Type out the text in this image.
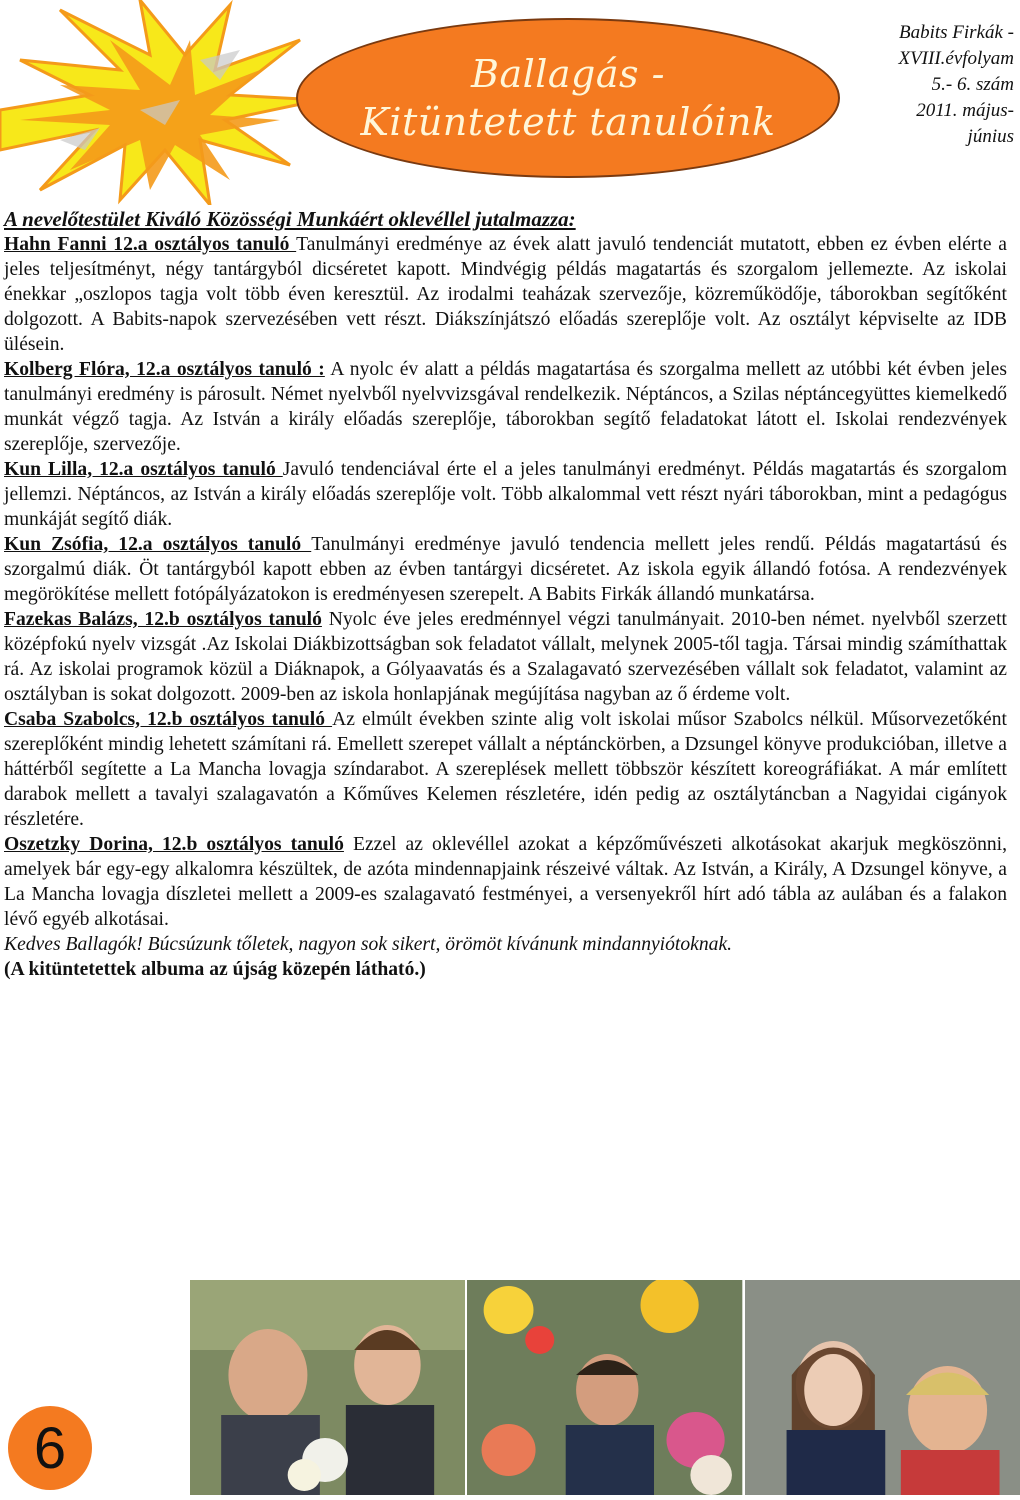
Ballagás -
Kitüntetett tanulóink
Babits Firkák -
XVIII.évfolyam
5.- 6. szám
2011. május-
június
A nevelőtestület Kiváló Közösségi Munkáért oklevéllel jutalmazza:
Hahn Fanni 12.a osztályos tanuló Tanulmányi eredménye az évek alatt javuló tendenciát mutatott, ebben ez évben elérte a jeles teljesítményt, négy tantárgyból dicséretet kapott. Mindvégig példás magatartás és szorgalom jellemezte. Az iskolai énekkar „oszlopos tagja volt több éven keresztül. Az irodalmi teaházak szervezője, közreműködője, táborokban segítőként dolgozott. A Babits-napok szervezésében vett részt. Diákszínjátszó előadás szereplője volt. Az osztályt képviselte az IDB ülésein.
Kolberg Flóra, 12.a osztályos tanuló : A nyolc év alatt a példás magatartása és szorgalma mellett az utóbbi két évben jeles tanulmányi eredmény is párosult. Német nyelvből nyelvvizsgával rendelkezik. Néptáncos, a Szilas néptáncegyüttes kiemelkedő munkát végző tagja. Az István a király előadás szereplője, táborokban segítő feladatokat látott el. Iskolai rendezvények szereplője, szervezője.
Kun Lilla, 12.a osztályos tanuló Javuló tendenciával érte el a jeles tanulmányi eredményt. Példás magatartás és szorgalom jellemzi. Néptáncos, az István a király előadás szereplője volt. Több alkalommal vett részt nyári táborokban, mint a pedagógus munkáját segítő diák.
Kun Zsófia, 12.a osztályos tanuló Tanulmányi eredménye javuló tendencia mellett jeles rendű. Példás magatartású és szorgalmú diák. Öt tantárgyból kapott ebben az évben tantárgyi dicséretet. Az iskola egyik állandó fotósa. A rendezvények megörökítése mellett fotópályázatokon is eredményesen szerepelt. A Babits Firkák állandó munkatársa.
Fazekas Balázs, 12.b osztályos tanuló Nyolc éve jeles eredménnyel végzi tanulmányait. 2010-ben német. nyelvből szerzett középfokú nyelv vizsgát .Az Iskolai Diákbizottságban sok feladatot vállalt, melynek 2005-től tagja. Társai mindig számíthattak rá. Az iskolai programok közül a Diáknapok, a Gólyaavatás és a Szalagavató szervezésében vállalt sok feladatot, valamint az osztályban is sokat dolgozott. 2009-ben az iskola honlapjának megújítása nagyban az ő érdeme volt.
Csaba Szabolcs, 12.b osztályos tanuló Az elmúlt években szinte alig volt iskolai műsor Szabolcs nélkül. Műsorvezetőként szereplőként mindig lehetett számítani rá. Emellett szerepet vállalt a néptánckörben, a Dzsungel könyve produkcióban, illetve a háttérből segítette a La Mancha lovagja színdarabot. A szereplések mellett többször készített koreográfiákat. A már említett darabok mellett a tavalyi szalagavatón a Kőműves Kelemen részletére, idén pedig az osztálytáncban a Nagyidai cigányok részletére.
Oszetzky Dorina, 12.b osztályos tanuló Ezzel az oklevéllel azokat a képzőművészeti alkotásokat akarjuk megköszönni, amelyek bár egy-egy alkalomra készültek, de azóta mindennapjaink részeivé váltak. Az István, a Király, A Dzsungel könyve, a La Mancha lovagja díszletei mellett a 2009-es szalagavató festményei, a versenyekről hírt adó tábla az aulában és a falakon lévő egyéb alkotásai.
Kedves Ballagók! Búcsúzunk tőletek, nagyon sok sikert, örömöt kívánunk mindannyiótoknak.
(A kitüntetettek albuma az újság közepén látható.)
6
